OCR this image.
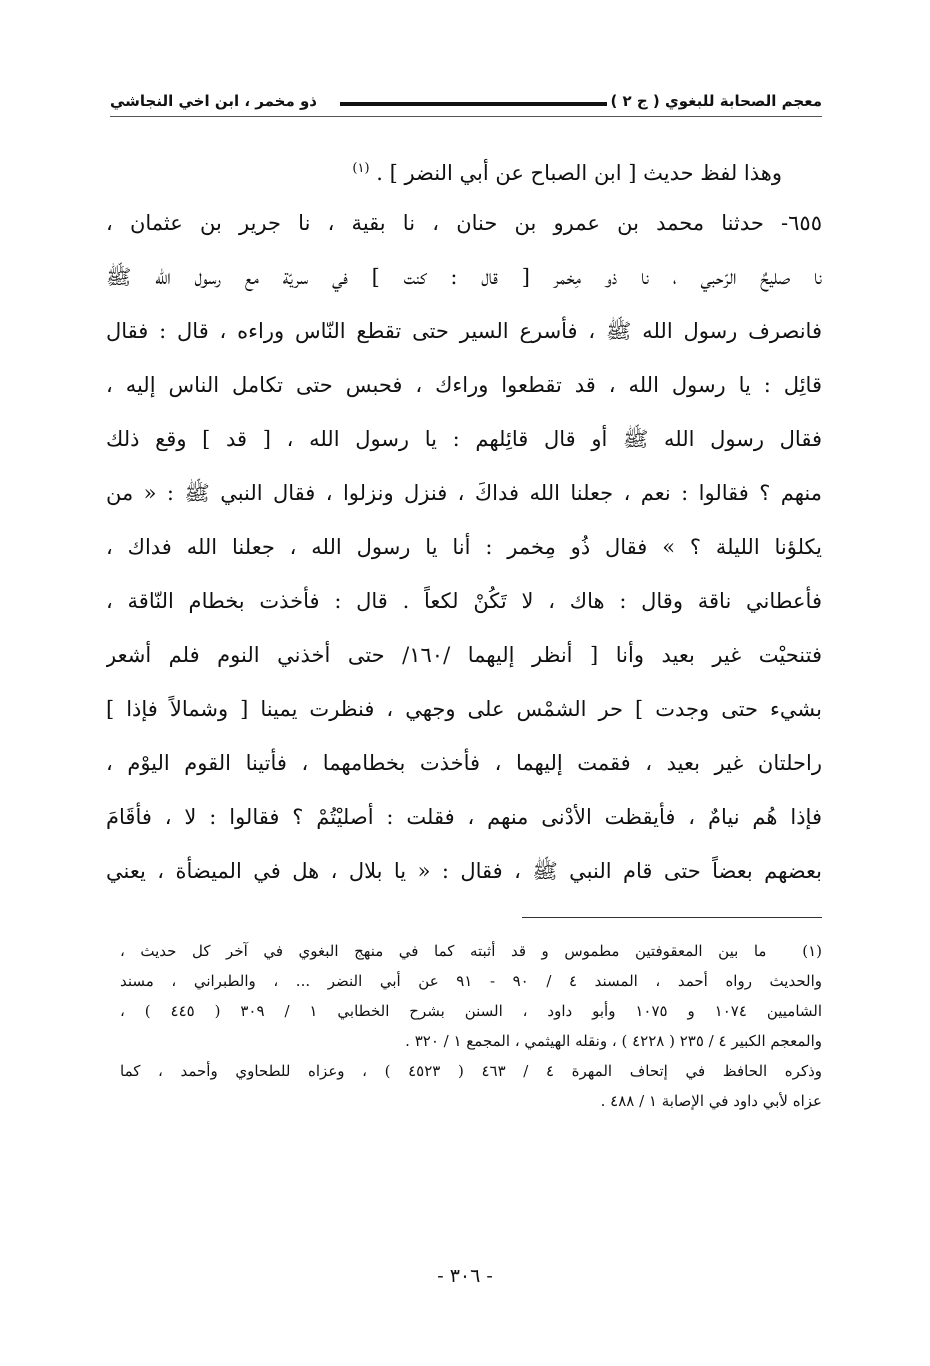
معجم الصحابة للبغوي ( ج ٢ )
ذو مخمر ، ابن اخي النجاشي
وهذا لفظ حديث [ ابن الصباح عن أبي النضر ] . $^{(١)}$
٦٥٥- حدثنا محمد بن عمرو بن حنان ، نا بقية ، نا جرير بن عثمان ،
نا صليحٌ الرّحبي ، نا ذو مِخمر [ قال : كنت ] في سريّة مع رسول الله ﷺ
فانصرف رسول الله ﷺ ، فأسرع السير حتى تقطع النّاس وراءه ، قال : فقال
قائِل : يا رسول الله ، قد تقطعوا وراءك ، فحبس حتى تكامل الناس إليه ،
فقال رسول الله ﷺ أو قال قائِلهم : يا رسول الله ، [ قد ] وقع ذلك
منهم ؟ فقالوا : نعم ، جعلنا الله فداكَ ، فنزل ونزلوا ، فقال النبي ﷺ : « من
يكلؤنا الليلة ؟ » فقال ذُو مِخمر : أنا يا رسول الله ، جعلنا الله فداك ،
فأعطاني ناقة وقال : هاك ، لا تَكُنْ لكعاً . قال : فأخذت بخطام النّاقة ،
فتنحيْت غير بعيد وأنا [ أنظر إليهما /١٦٠/ حتى أخذني النوم فلم أشعر
بشيء حتى وجدت ] حر الشمْس على وجهي ، فنظرت يمينا [ وشمالاً فإذا ]
راحلتان غير بعيد ، فقمت إليهما ، فأخذت بخطامهما ، فأتينا القوم اليوْم ،
فإذا هُم نيامٌ ، فأيقظت الأدْنى منهم ، فقلت : أصليْتُمْ ؟ فقالوا : لا ، فأقَامَ
بعضهم بعضاً حتى قام النبي ﷺ ، فقال : « يا بلال ، هل في الميضأة ، يعني
(١) ما بين المعقوفتين مطموس و قد أثبته كما في منهج البغوي في آخر كل حديث ،
والحديث رواه أحمد ، المسند ٤ / ٩٠ - ٩١ عن أبي النضر ... ، والطبراني ، مسند
الشاميين ١٠٧٤ و ١٠٧٥ وأبو داود ، السنن بشرح الخطابي ١ / ٣٠٩ ( ٤٤٥ ) ،
والمعجم الكبير ٤ / ٢٣٥ ( ٤٢٢٨ ) ، ونقله الهيثمي ، المجمع ١ / ٣٢٠ .
وذكره الحافظ في إتحاف المهرة ٤ / ٤٦٣ ( ٤٥٢٣ ) ، وعزاه للطحاوي وأحمد ، كما
عزاه لأبي داود في الإصابة ١ / ٤٨٨ .
- ٣٠٦ -
